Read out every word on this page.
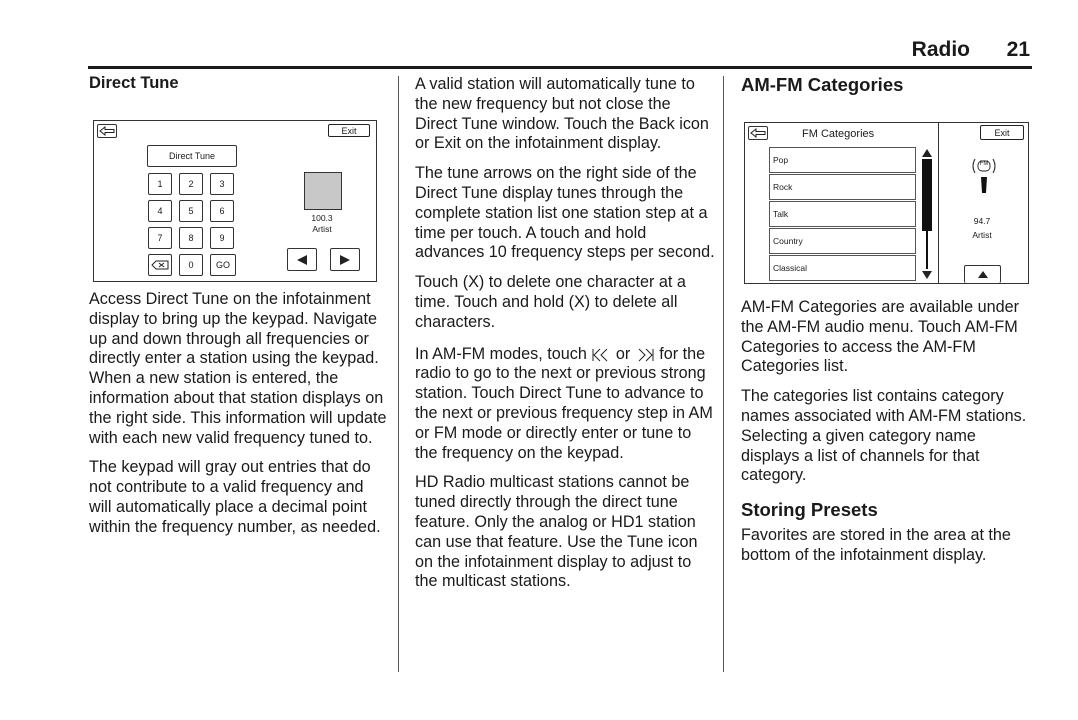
Radio 21
Direct Tune
Exit
Direct Tune
1	2	3
4	5	6
7	8	9
0	GO
100.3
Artist

Access Direct Tune on the infotainment display to bring up the keypad. Navigate up and down through all frequencies or directly enter a station using the keypad. When a new station is entered, the information about that station displays on the right side. This information will update with each new valid frequency tuned to.

The keypad will gray out entries that do not contribute to a valid frequency and will automatically place a decimal point within the frequency number, as needed.

A valid station will automatically tune to the new frequency but not close the Direct Tune window. Touch the Back icon or Exit on the infotainment display.

The tune arrows on the right side of the Direct Tune display tunes through the complete station list one station step at a time per touch. A touch and hold advances 10 frequency steps per second.

Touch (X) to delete one character at a time. Touch and hold (X) to delete all characters.

In AM-FM modes, touch or for the radio to go to the next or previous strong station. Touch Direct Tune to advance to the next or previous frequency step in AM or FM mode or directly enter or tune to the frequency on the keypad.

HD Radio multicast stations cannot be tuned directly through the direct tune feature. Only the analog or HD1 station can use that feature. Use the Tune icon on the infotainment display to adjust to the multicast stations.

AM-FM Categories
FM Categories
Pop
Rock
Talk
Country
Classical
Exit
FM
94.7
Artist

AM-FM Categories are available under the AM-FM audio menu. Touch AM-FM Categories to access the AM-FM Categories list.

The categories list contains category names associated with AM-FM stations. Selecting a given category name displays a list of channels for that category.

Storing Presets

Favorites are stored in the area at the bottom of the infotainment display.
